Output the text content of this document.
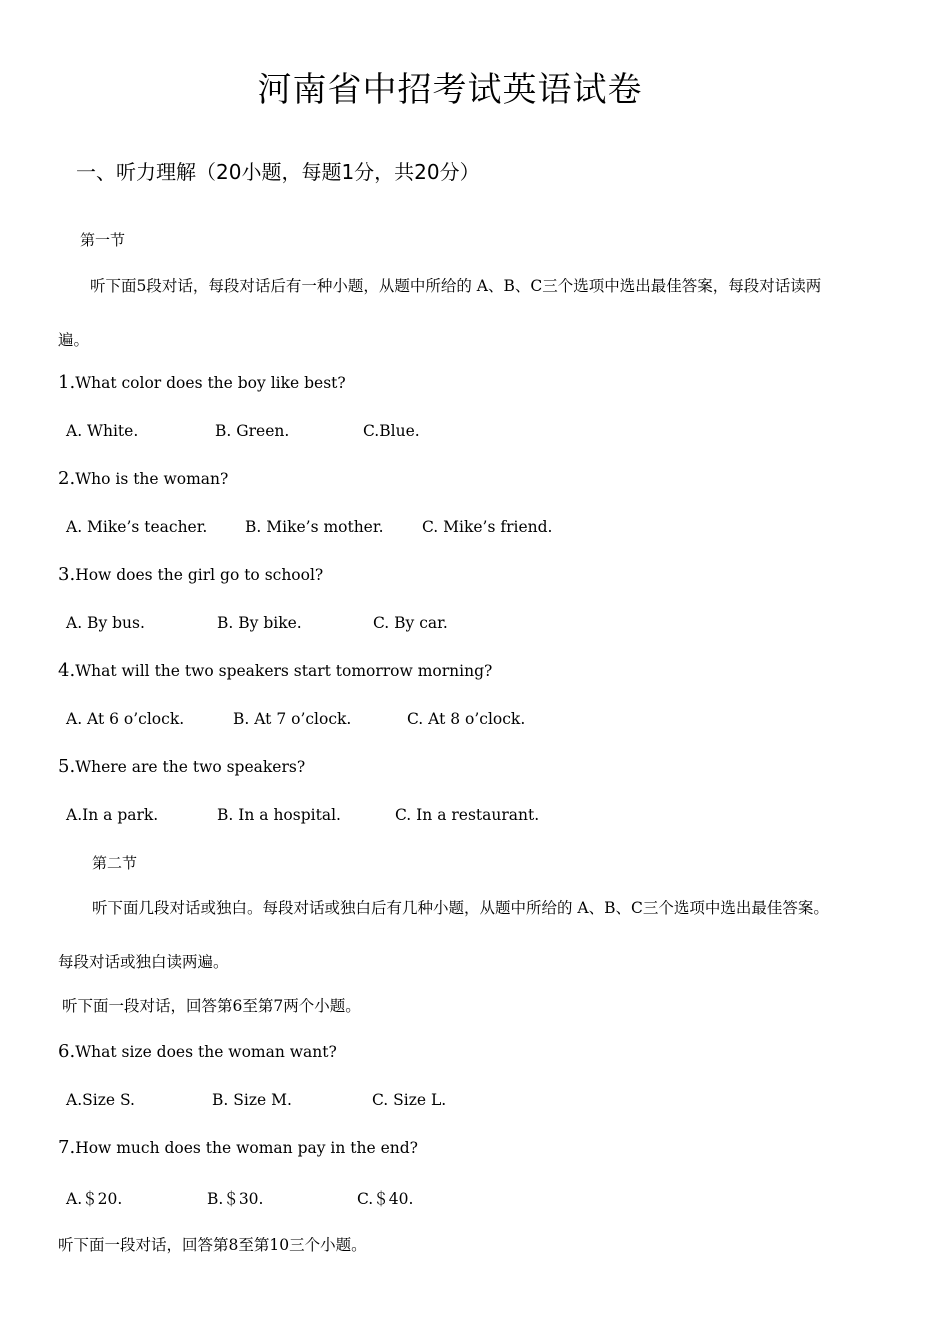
河南省中招考试英语试卷
一、听力理解（20小题，每题1分，共20分）
第一节
听下面5段对话，每段对话后有一种小题，从题中所给的 A、B、C三个选项中选出最佳答案，每段对话读两
遍。
1.What color does the boy like best?
A. White.	B. Green.	C.Blue.
2.Who is the woman?
A. Mike’s teacher. B. Mike’s mother. C. Mike’s friend.
3.How does the girl go to school?
A. By bus.	B. By bike.	C. By car.
4.What will the two speakers start tomorrow morning?
A. At 6 o’clock.	B. At 7 o’clock.	C. At 8 o’clock.
5.Where are the two speakers?
A.In a park.	B. In a hospital.	C. In a restaurant.
第二节
听下面几段对话或独白。每段对话或独白后有几种小题，从题中所给的 A、B、C三个选项中选出最佳答案。
每段对话或独白读两遍。
听下面一段对话，回答第6至第7两个小题。
6.What size does the woman want?
A.Size S.	B. Size M.	C. Size L.
7.How much does the woman pay in the end?
A.＄20.	B.＄30.	C.＄40.
听下面一段对话，回答第8至第10三个小题。
